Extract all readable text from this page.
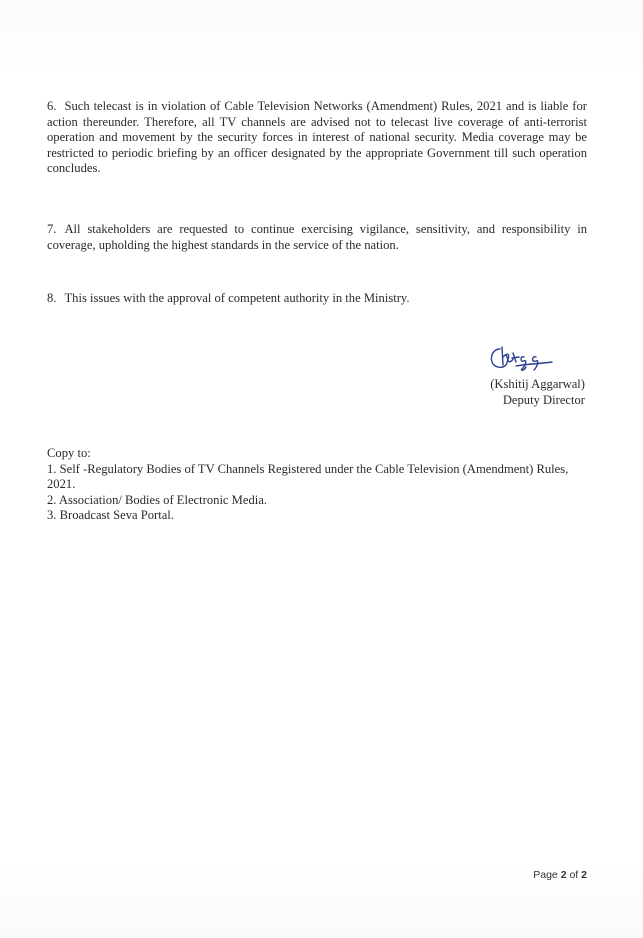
6. Such telecast is in violation of Cable Television Networks (Amendment) Rules, 2021 and is liable for action thereunder. Therefore, all TV channels are advised not to telecast live coverage of anti-terrorist operation and movement by the security forces in interest of national security. Media coverage may be restricted to periodic briefing by an officer designated by the appropriate Government till such operation concludes.

7. All stakeholders are requested to continue exercising vigilance, sensitivity, and responsibility in coverage, upholding the highest standards in the service of the nation.

8. This issues with the approval of competent authority in the Ministry.

(Kshitij Aggarwal)
Deputy Director
Copy to:
1. Self -Regulatory Bodies of TV Channels Registered under the Cable Television (Amendment) Rules, 2021.
2. Association/ Bodies of Electronic Media.
3. Broadcast Seva Portal.
Page 2 of 2
